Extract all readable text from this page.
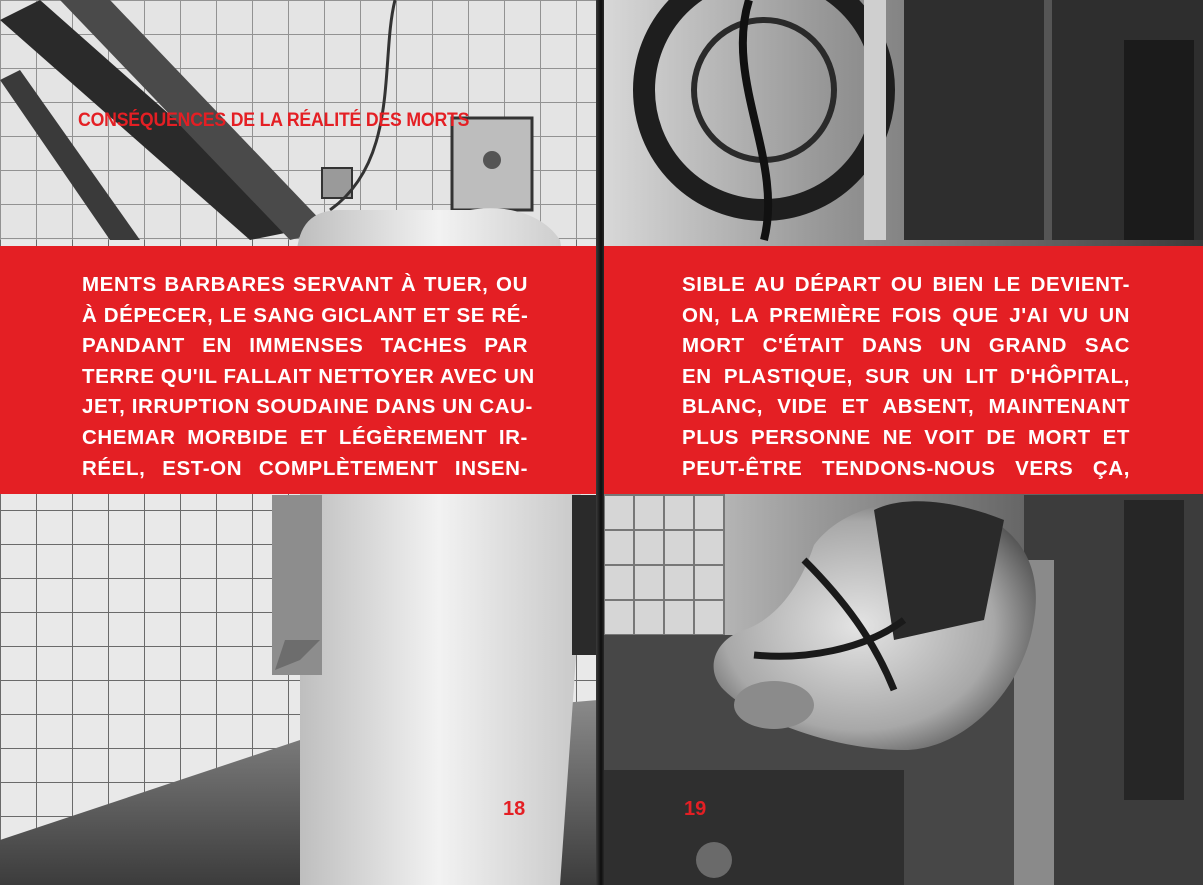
CONSÉQUENCES DE LA RÉALITÉ DES MORTS

MENTS BARBARES SERVANT À TUER, OU
À DÉPECER, LE SANG GICLANT ET SE RÉ-
PANDANT EN IMMENSES TACHES PAR
TERRE QU'IL FALLAIT NETTOYER AVEC UN
JET, IRRUPTION SOUDAINE DANS UN CAU-
CHEMAR MORBIDE ET LÉGÈREMENT IR-
RÉEL, EST-ON COMPLÈTEMENT INSEN-

18

SIBLE AU DÉPART OU BIEN LE DEVIENT-
ON, LA PREMIÈRE FOIS QUE J'AI VU UN
MORT C'ÉTAIT DANS UN GRAND SAC
EN PLASTIQUE, SUR UN LIT D'HÔPITAL,
BLANC, VIDE ET ABSENT, MAINTENANT
PLUS PERSONNE NE VOIT DE MORT ET
PEUT-ÊTRE TENDONS-NOUS VERS ÇA,

19
